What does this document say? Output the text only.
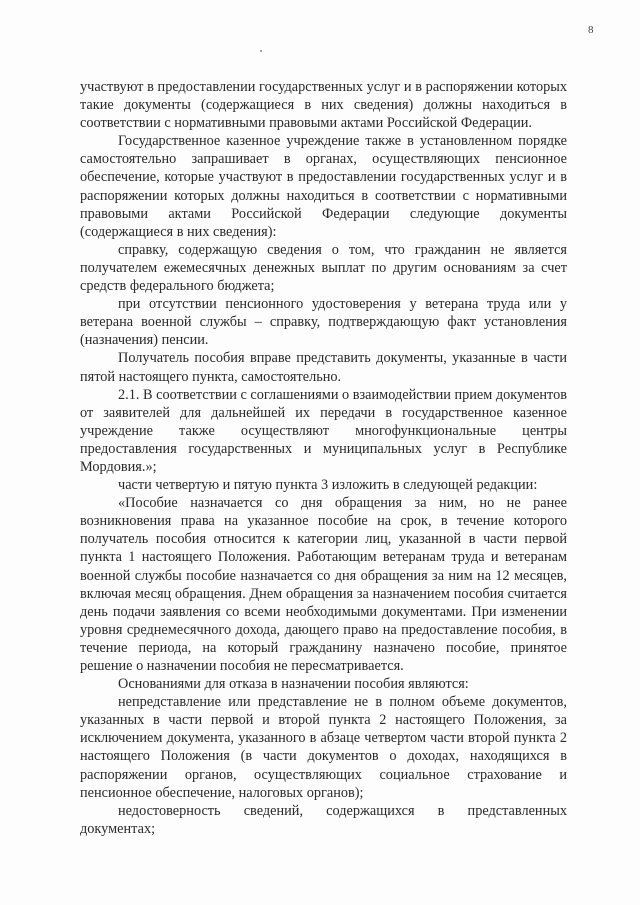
8

участвуют в предоставлении государственных услуг и в распоряжении которых такие документы (содержащиеся в них сведения) должны находиться в соответствии с нормативными правовыми актами Российской Федерации.

Государственное казенное учреждение также в установленном порядке самостоятельно запрашивает в органах, осуществляющих пенсионное обеспечение, которые участвуют в предоставлении государственных услуг и в распоряжении которых должны находиться в соответствии с нормативными правовыми актами Российской Федерации следующие документы (содержащиеся в них сведения):

справку, содержащую сведения о том, что гражданин не является получателем ежемесячных денежных выплат по другим основаниям за счет средств федерального бюджета;

при отсутствии пенсионного удостоверения у ветерана труда или у ветерана военной службы – справку, подтверждающую факт установления (назначения) пенсии.

Получатель пособия вправе представить документы, указанные в части пятой настоящего пункта, самостоятельно.

2.1. В соответствии с соглашениями о взаимодействии прием документов от заявителей для дальнейшей их передачи в государственное казенное учреждение также осуществляют многофункциональные центры предоставления государственных и муниципальных услуг в Республике Мордовия.»;

части четвертую и пятую пункта 3 изложить в следующей редакции:

«Пособие назначается со дня обращения за ним, но не ранее возникновения права на указанное пособие на срок, в течение которого получатель пособия относится к категории лиц, указанной в части первой пункта 1 настоящего Положения. Работающим ветеранам труда и ветеранам военной службы пособие назначается со дня обращения за ним на 12 месяцев, включая месяц обращения. Днем обращения за назначением пособия считается день подачи заявления со всеми необходимыми документами. При изменении уровня среднемесячного дохода, дающего право на предоставление пособия, в течение периода, на который гражданину назначено пособие, принятое решение о назначении пособия не пересматривается.

Основаниями для отказа в назначении пособия являются:

непредставление или представление не в полном объеме документов, указанных в части первой и второй пункта 2 настоящего Положения, за исключением документа, указанного в абзаце четвертом части второй пункта 2 настоящего Положения (в части документов о доходах, находящихся в распоряжении органов, осуществляющих социальное страхование и пенсионное обеспечение, налоговых органов);

недостоверность сведений, содержащихся в представленных документах;
